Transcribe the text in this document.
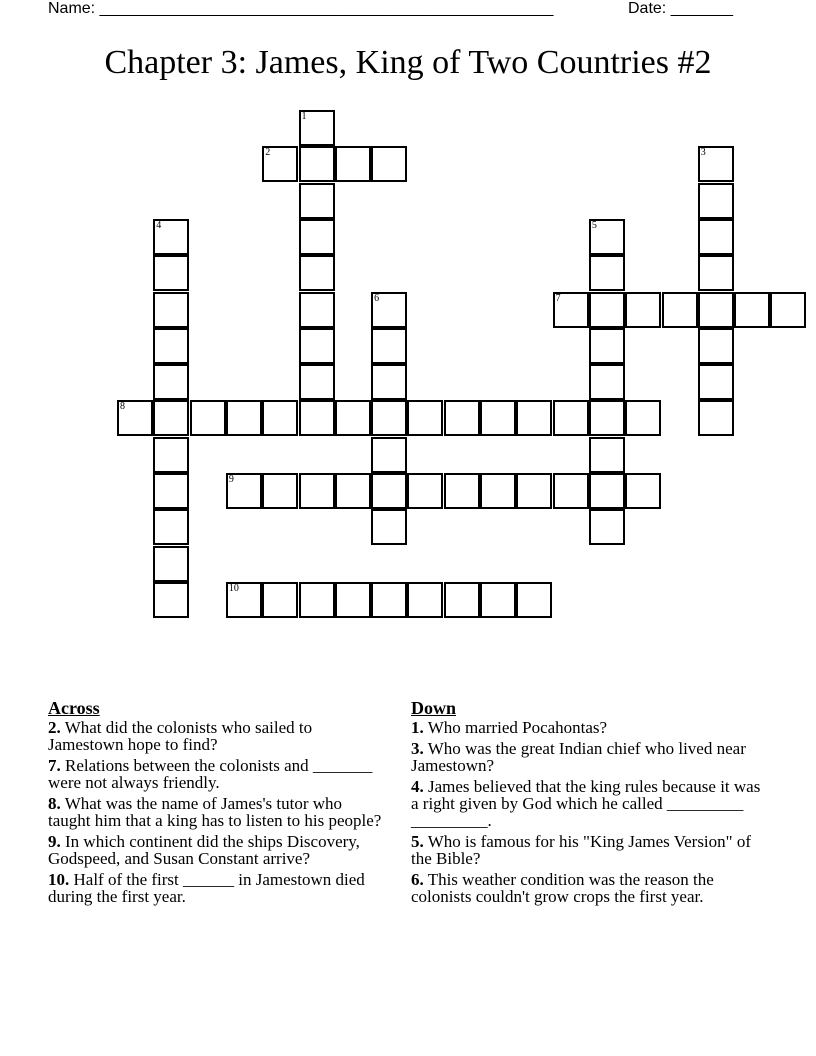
Name: ___________________________________________________	Date: _______
Chapter 3: James, King of Two Countries #2
1
2	3
4	5
6	7
8
9
10
Across
2. What did the colonists who sailed to Jamestown hope to find?
7. Relations between the colonists and _______ were not always friendly.
8. What was the name of James's tutor who taught him that a king has to listen to his people?
9. In which continent did the ships Discovery, Godspeed, and Susan Constant arrive?
10. Half of the first ______ in Jamestown died during the first year.
Down
1. Who married Pocahontas?
3. Who was the great Indian chief who lived near Jamestown?
4. James believed that the king rules because it was a right given by God which he called _________ _________.
5. Who is famous for his "King James Version" of the Bible?
6. This weather condition was the reason the colonists couldn't grow crops the first year.
